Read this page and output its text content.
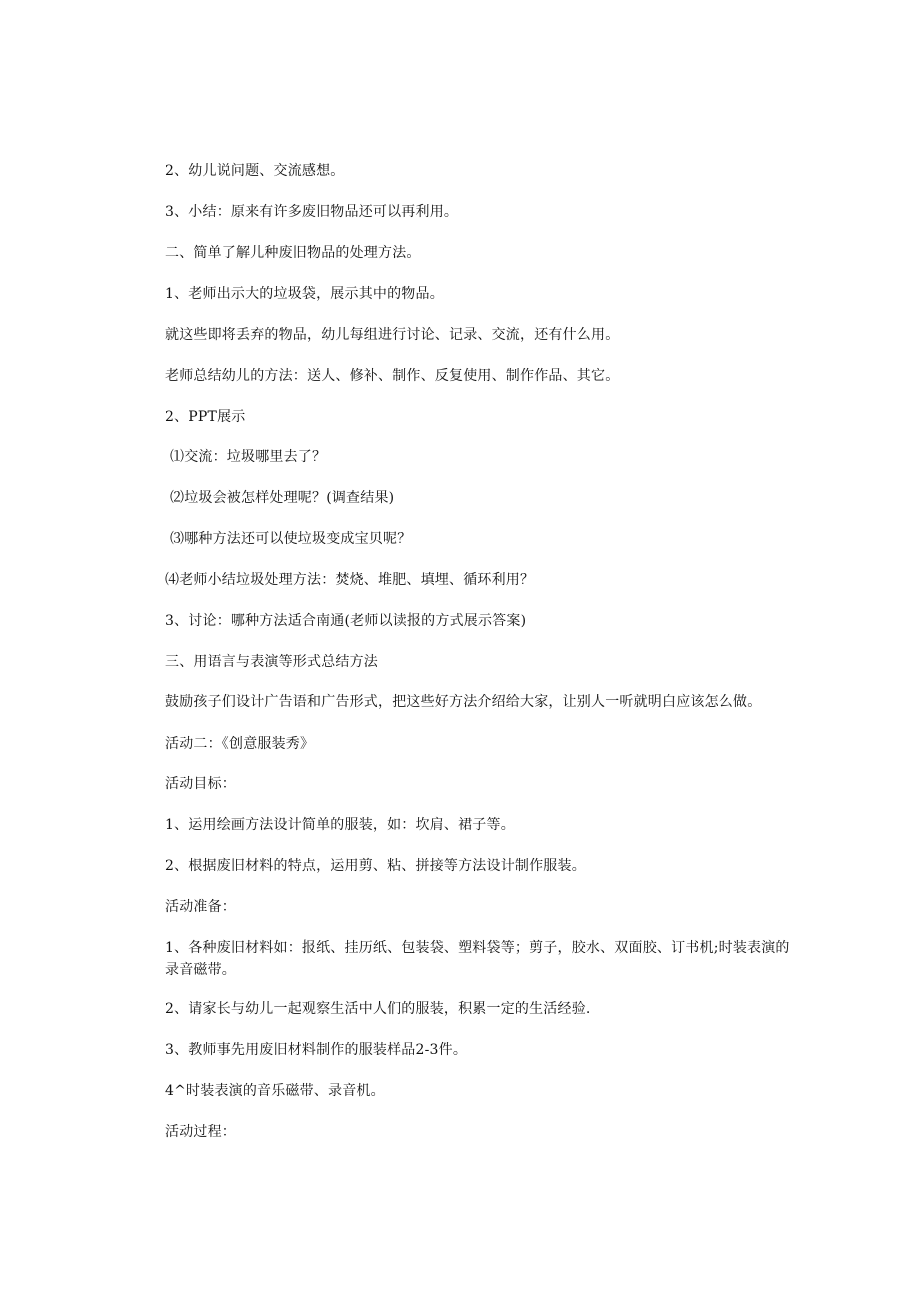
2、幼儿说问题、交流感想。
3、小结：原来有许多废旧物品还可以再利用。
二、简单了解儿种废旧物品的处理方法。
1、老师出示大的垃圾袋，展示其中的物品。
就这些即将丢弃的物品，幼儿每组进行讨论、记录、交流，还有什么用。
老师总结幼儿的方法：送人、修补、制作、反复使用、制作作品、其它。
2、PPT展示
⑴交流：垃圾哪里去了？
⑵垃圾会被怎样处理呢？(调查结果)
⑶哪种方法还可以使垃圾变成宝贝呢？
⑷老师小结垃圾处理方法：焚烧、堆肥、填埋、循环利用？
3、讨论：哪种方法适合南通(老师以读报的方式展示答案)
三、用语言与表演等形式总结方法
鼓励孩子们设计广告语和广告形式，把这些好方法介绍给大家，让别人一听就明白应该怎么做。
活动二：《创意服装秀》
活动目标：
1、运用绘画方法设计简单的服装，如：坎肩、裙子等。
2、根据废旧材料的特点，运用剪、粘、拼接等方法设计制作服装。
活动准备：
1、各种废旧材料如：报纸、挂历纸、包装袋、塑料袋等；剪子，胶水、双面胶、订书机;时装表演的录音磁带。
2、请家长与幼儿一起观察生活中人们的服装，积累一定的生活经验.
3、教师事先用废旧材料制作的服装样品2-3件。
4^时装表演的音乐磁带、录音机。
活动过程：
